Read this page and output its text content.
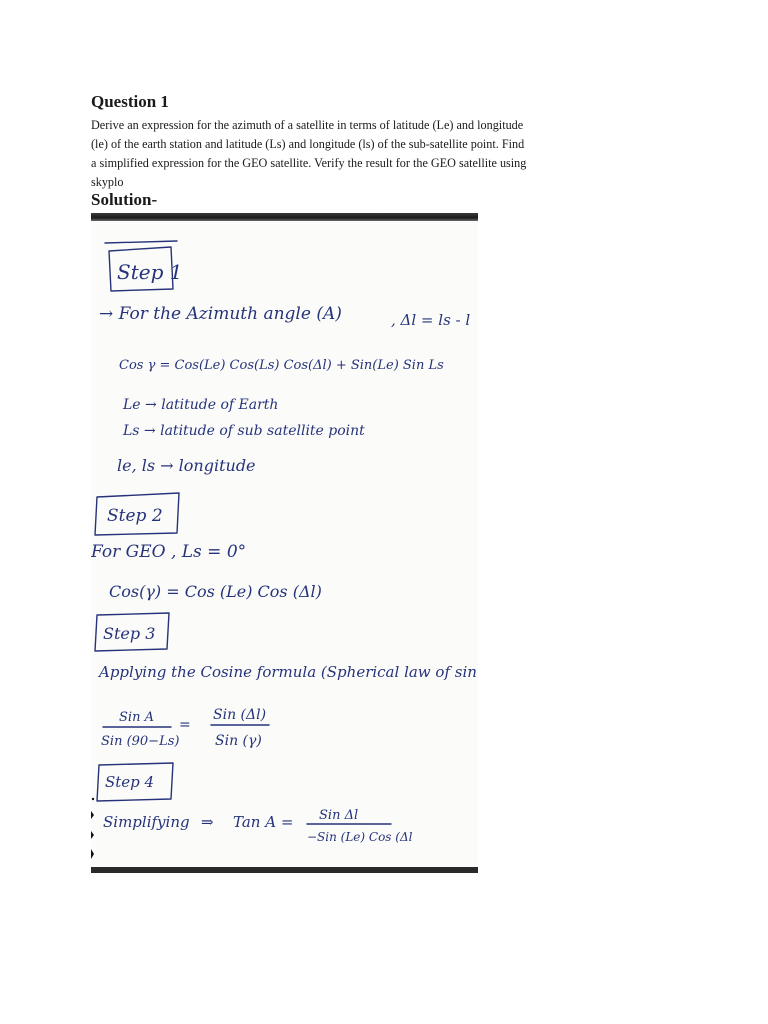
Question 1

Derive an expression for the azimuth of a satellite in terms of latitude (Le) and longitude (le) of the earth station and latitude (Ls) and longitude (ls) of the sub-satellite point. Find a simplified expression for the GEO satellite. Verify the result for the GEO satellite using skyplo

Solution-
Step 1
→ For the Azimuth angle (A)	, Δl = ls - l
Cos γ = Cos(Le) Cos(Ls) Cos(Δl) + Sin(Le) Sin Ls
Le → latitude of Earth
Ls → latitude of sub satellite point
le, ls → longitude
Step 2
For GEO , Ls = 0°
Cos(γ) = Cos (Le) Cos (Δl)
Step 3
Applying the Cosine formula (Spherical law of sin
Sin A
Sin (90−Ls)
=
Sin (Δl)
Sin (γ)
Step 4
Simplifying ⇒ Tan A = Sin Δl
−Sin (Le) Cos (Δl
